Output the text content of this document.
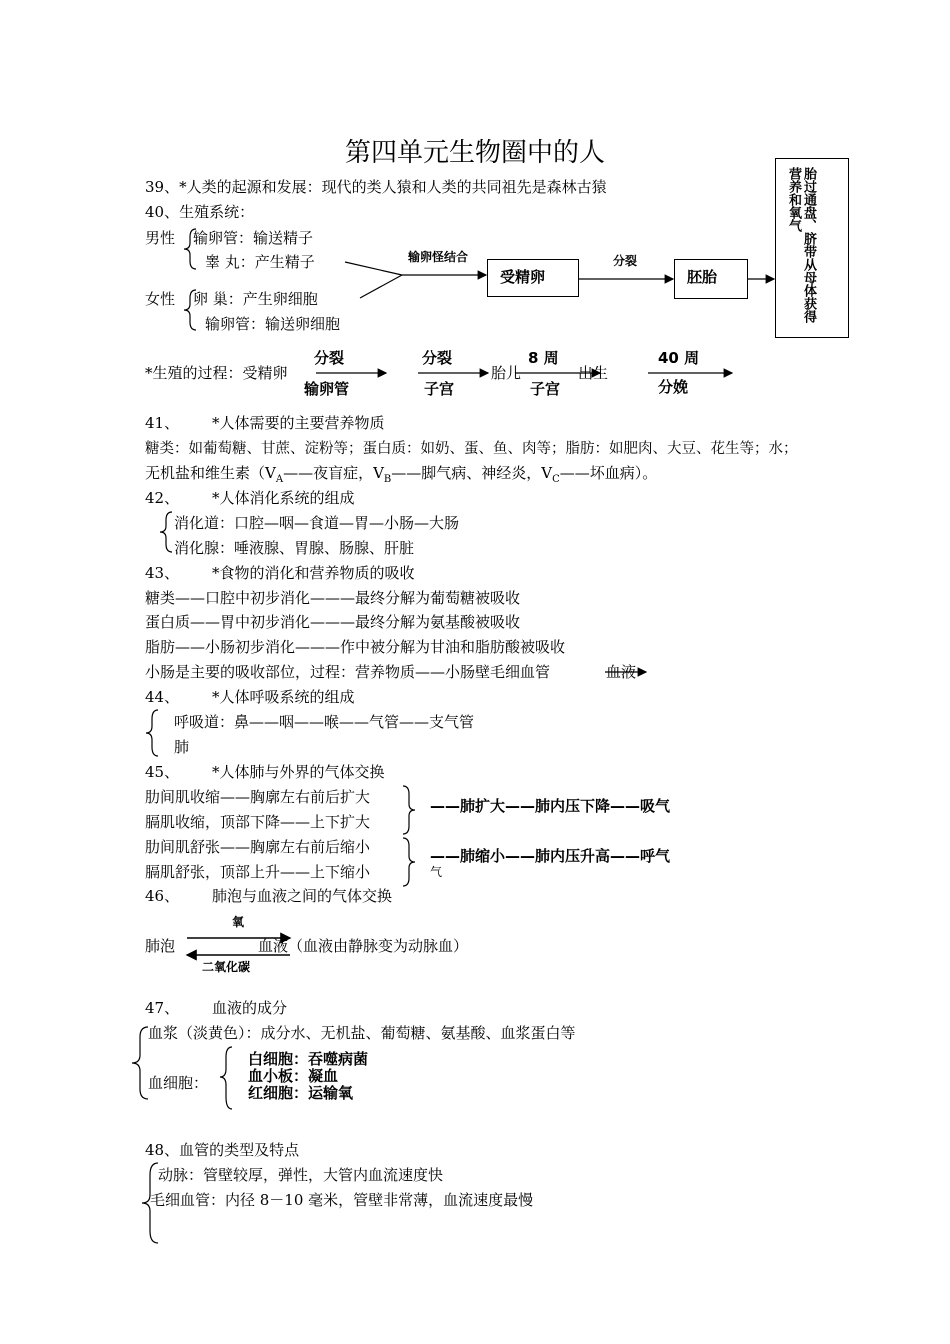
第四单元生物圈中的人
39、*人类的起源和发展：现代的类人猿和人类的共同祖先是森林古猿
40、生殖系统：
男性 输卵管：输送精子
睾 丸：产生精子
女性 卵 巢：产生卵细胞
输卵管：输送卵细胞
输卵怪结合
受精卵
分裂
胚胎	胎过通盘、脐带从母体获得营养和氧气
分裂
*生殖的过程：受精卵
输卵管
分裂
子宫
胎儿
8 周
子宫
出生
40 周
分娩
41、 *人体需要的主要营养物质
糖类：如葡萄糖、甘蔗、淀粉等；蛋白质：如奶、蛋、鱼、肉等；脂肪：如肥肉、大豆、花生等；水；
无机盐和维生素（$V_A——$夜盲症，$V_B——$脚气病、神经炎，$V_C——$坏血病）。
42、 *人体消化系统的组成
消化道：口腔—咽—食道—胃—小肠—大肠
消化腺：唾液腺、胃腺、肠腺、肝脏
43、 *食物的消化和营养物质的吸收
糖类——口腔中初步消化———最终分解为葡萄糖被吸收
蛋白质——胃中初步消化———最终分解为氨基酸被吸收
脂肪——小肠初步消化———作中被分解为甘油和脂肪酸被吸收
小肠是主要的吸收部位，过程：营养物质——小肠壁毛细血管	血液
44、 *人体呼吸系统的组成
呼吸道：鼻——咽——喉——气管——支气管
肺
45、 *人体肺与外界的气体交换
肋间肌收缩——胸廓左右前后扩大
膈肌收缩，顶部下降——上下扩大
肋间肌舒张——胸廓左右前后缩小
膈肌舒张，顶部上升——上下缩小
——肺扩大——肺内压下降——吸气
——肺缩小——肺内压升高——呼气
气
46、 肺泡与血液之间的气体交换
氧
肺泡	血液（血液由静脉变为动脉血）
二氧化碳
47、 血液的成分
血浆（淡黄色）：成分水、无机盐、葡萄糖、氨基酸、血浆蛋白等
血细胞：
白细胞：吞噬病菌
血小板：凝血
红细胞：运输氧
48、血管的类型及特点
动脉：管壁较厚，弹性，大管内血流速度快
毛细血管：内径 8－10 毫米，管壁非常薄，血流速度最慢
